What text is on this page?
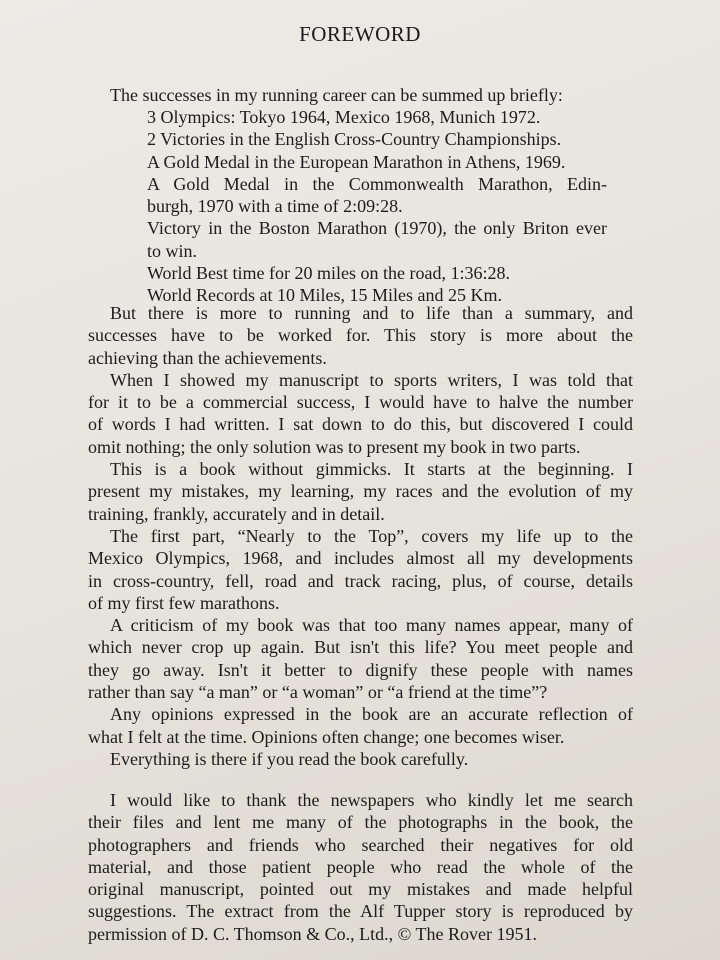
FOREWORD
The successes in my running career can be summed up briefly:
3 Olympics: Tokyo 1964, Mexico 1968, Munich 1972.
2 Victories in the English Cross-Country Championships.
A Gold Medal in the European Marathon in Athens, 1969.
A Gold Medal in the Commonwealth Marathon, Edin-
burgh, 1970 with a time of 2:09:28.
Victory in the Boston Marathon (1970), the only Briton ever
to win.
World Best time for 20 miles on the road, 1:36:28.
World Records at 10 Miles, 15 Miles and 25 Km.
But there is more to running and to life than a summary, and
successes have to be worked for. This story is more about the
achieving than the achievements.
When I showed my manuscript to sports writers, I was told that
for it to be a commercial success, I would have to halve the number
of words I had written. I sat down to do this, but discovered I could
omit nothing; the only solution was to present my book in two parts.
This is a book without gimmicks. It starts at the beginning. I
present my mistakes, my learning, my races and the evolution of my
training, frankly, accurately and in detail.
The first part, “Nearly to the Top”, covers my life up to the
Mexico Olympics, 1968, and includes almost all my developments
in cross-country, fell, road and track racing, plus, of course, details
of my first few marathons.
A criticism of my book was that too many names appear, many of
which never crop up again. But isn't this life? You meet people and
they go away. Isn't it better to dignify these people with names
rather than say “a man” or “a woman” or “a friend at the time”?
Any opinions expressed in the book are an accurate reflection of
what I felt at the time. Opinions often change; one becomes wiser.
Everything is there if you read the book carefully.
I would like to thank the newspapers who kindly let me search
their files and lent me many of the photographs in the book, the
photographers and friends who searched their negatives for old
material, and those patient people who read the whole of the
original manuscript, pointed out my mistakes and made helpful
suggestions. The extract from the Alf Tupper story is reproduced by
permission of D. C. Thomson & Co., Ltd., © The Rover 1951.
